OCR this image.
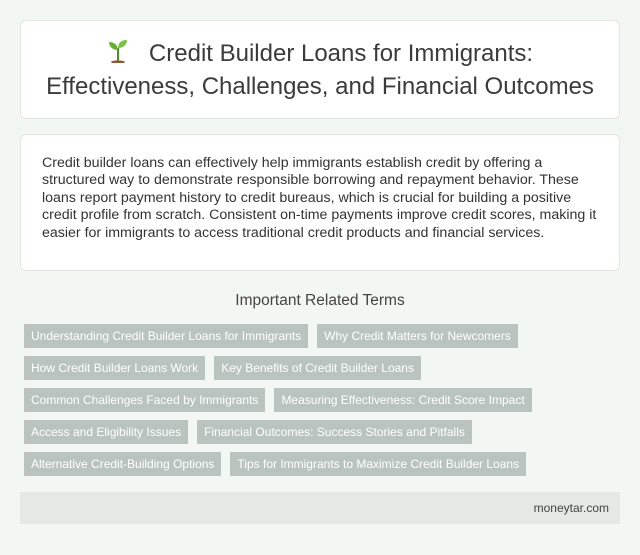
Credit Builder Loans for Immigrants: Effectiveness, Challenges, and Financial Outcomes

Credit builder loans can effectively help immigrants establish credit by offering a structured way to demonstrate responsible borrowing and repayment behavior. These loans report payment history to credit bureaus, which is crucial for building a positive credit profile from scratch. Consistent on-time payments improve credit scores, making it easier for immigrants to access traditional credit products and financial services.

Important Related Terms
Understanding Credit Builder Loans for Immigrants	Why Credit Matters for Newcomers
How Credit Builder Loans Work	Key Benefits of Credit Builder Loans
Common Challenges Faced by Immigrants	Measuring Effectiveness: Credit Score Impact
Access and Eligibility Issues	Financial Outcomes: Success Stories and Pitfalls
Alternative Credit-Building Options	Tips for Immigrants to Maximize Credit Builder Loans
moneytar.com
